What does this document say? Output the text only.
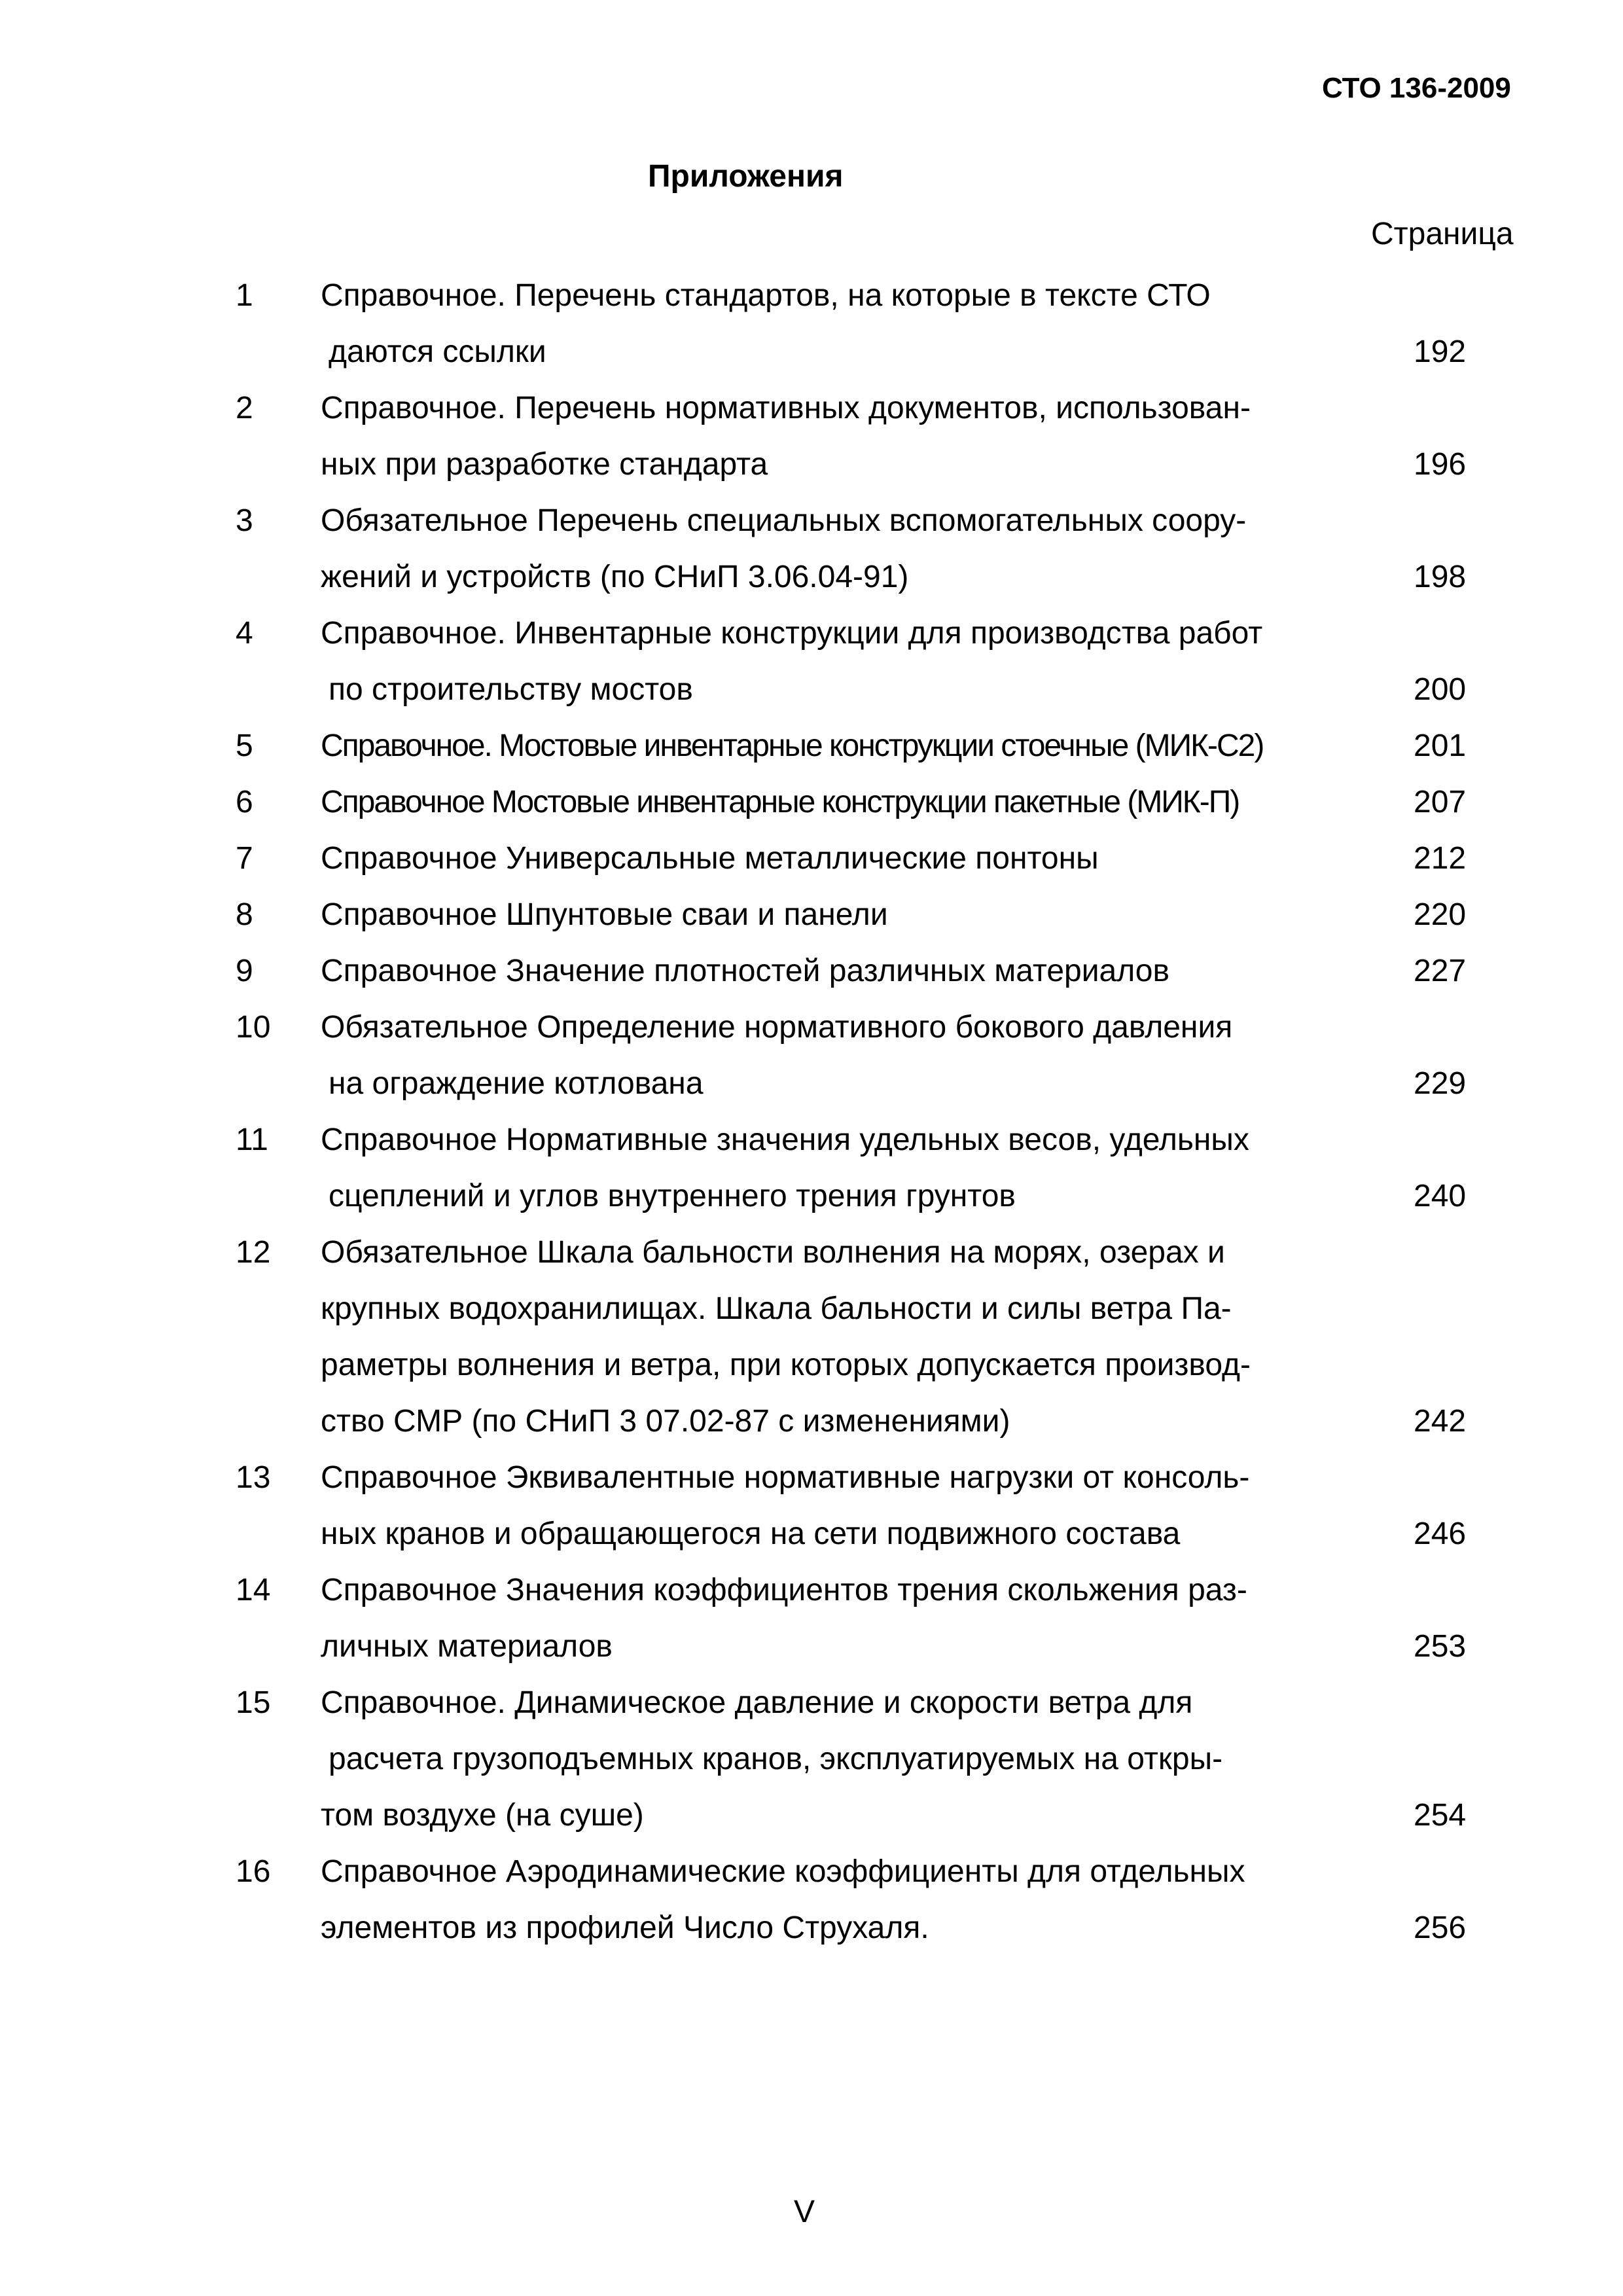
СТО 136-2009
Приложения
Страница
1 Справочное. Перечень стандартов, на которые в тексте СТО
даются ссылки	192
2 Справочное. Перечень нормативных документов, использован-
ных при разработке стандарта	196
3 Обязательное Перечень специальных вспомогательных соору-
жений и устройств (по СНиП 3.06.04-91)	198
4 Справочное. Инвентарные конструкции для производства работ
по строительству мостов	200
5 Справочное. Мостовые инвентарные конструкции стоечные (МИК-С2)	201
6 Справочное Мостовые инвентарные конструкции пакетные (МИК-П)	207
7 Справочное Универсальные металлические понтоны	212
8 Справочное Шпунтовые сваи и панели	220
9 Справочное Значение плотностей различных материалов	227
10 Обязательное Определение нормативного бокового давления
на ограждение котлована	229
11 Справочное Нормативные значения удельных весов, удельных
сцеплений и углов внутреннего трения грунтов	240
12 Обязательное Шкала бальности волнения на морях, озерах и
крупных водохранилищах. Шкала бальности и силы ветра Па-
раметры волнения и ветра, при которых допускается производ-
ство СМР (по СНиП 3 07.02-87 с изменениями)	242
13 Справочное Эквивалентные нормативные нагрузки от консоль-
ных кранов и обращающегося на сети подвижного состава	246
14 Справочное Значения коэффициентов трения скольжения раз-
личных материалов	253
15 Справочное. Динамическое давление и скорости ветра для
расчета грузоподъемных кранов, эксплуатируемых на откры-
том воздухе (на суше)	254
16 Справочное Аэродинамические коэффициенты для отдельных
элементов из профилей Число Струхаля.	256
V
